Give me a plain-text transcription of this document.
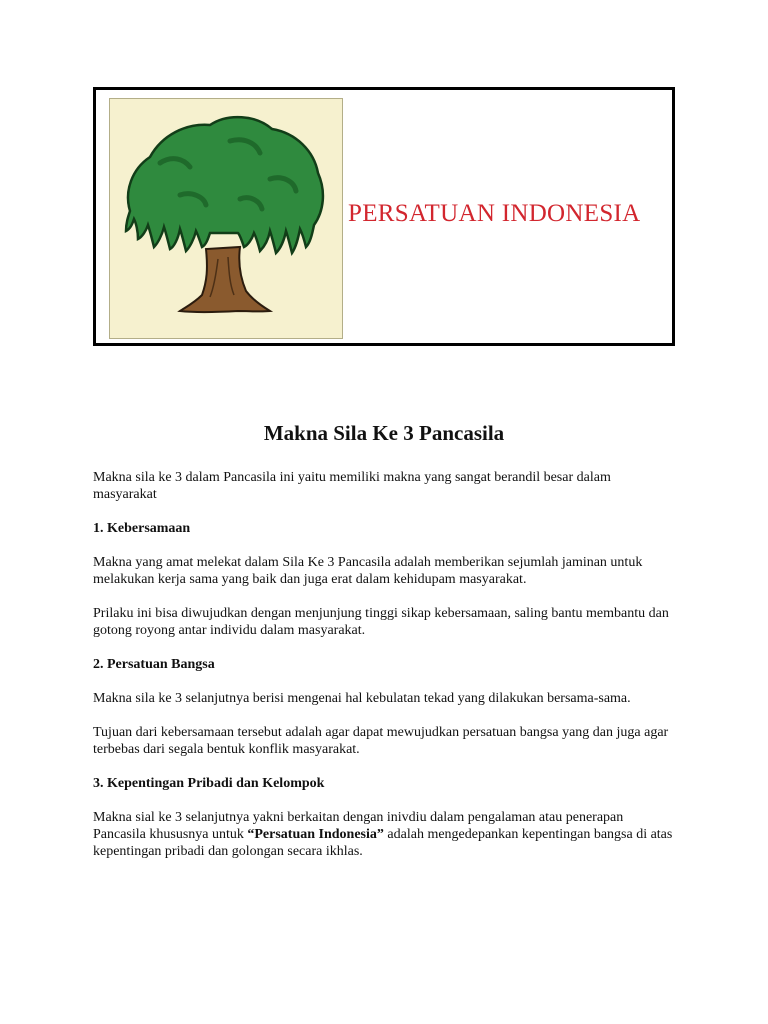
PERSATUAN INDONESIA
Makna Sila Ke 3 Pancasila

Makna sila ke 3 dalam Pancasila ini yaitu memiliki makna yang sangat berandil besar dalam masyarakat

1. Kebersamaan

Makna yang amat melekat dalam Sila Ke 3 Pancasila adalah memberikan sejumlah jaminan untuk melakukan kerja sama yang baik dan juga erat dalam kehidupam masyarakat.

Prilaku ini bisa diwujudkan dengan menjunjung tinggi sikap kebersamaan, saling bantu membantu dan gotong royong antar individu dalam masyarakat.

2. Persatuan Bangsa

Makna sila ke 3 selanjutnya berisi mengenai hal kebulatan tekad yang dilakukan bersama-sama.

Tujuan dari kebersamaan tersebut adalah agar dapat mewujudkan persatuan bangsa yang dan juga agar terbebas dari segala bentuk konflik masyarakat.

3. Kepentingan Pribadi dan Kelompok

Makna sial ke 3 selanjutnya yakni berkaitan dengan inivdiu dalam pengalaman atau penerapan Pancasila khususnya untuk “Persatuan Indonesia” adalah mengedepankan kepentingan bangsa di atas kepentingan pribadi dan golongan secara ikhlas.
